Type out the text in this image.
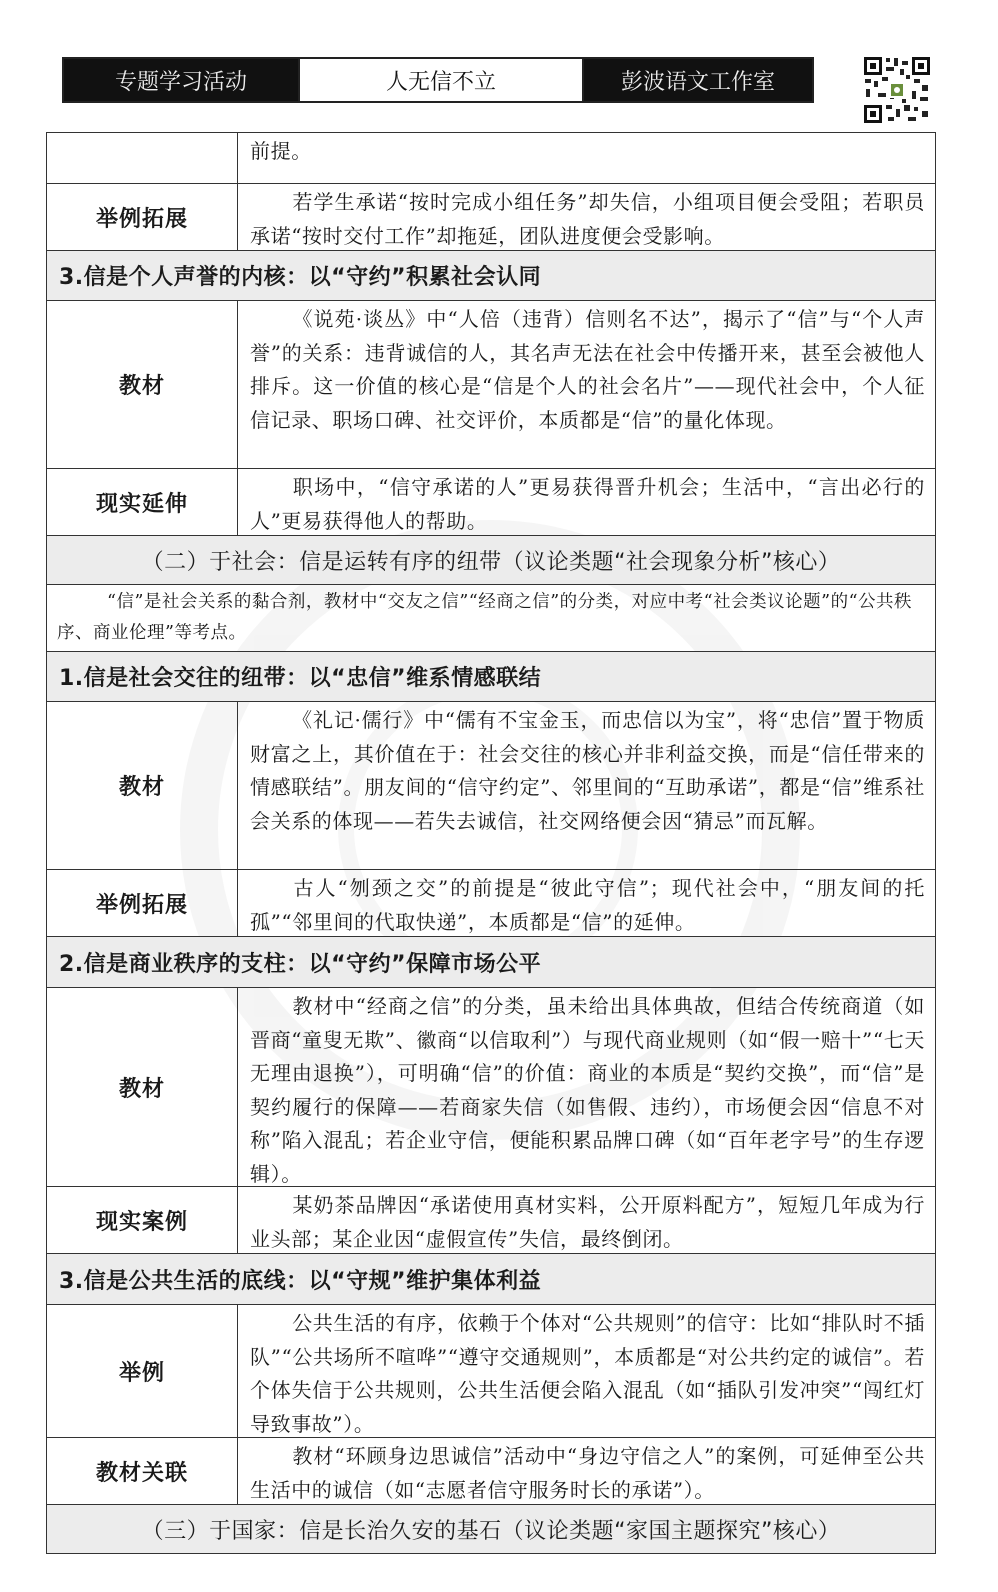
专题学习活动	人无信不立	彭波语文工作室
前提。
举例拓展
若学生承诺“按时完成小组任务”却失信，小组项目便会受阻；若职员承诺“按时交付工作”却拖延，团队进度便会受影响。
3.信是个人声誉的内核：以“守约”积累社会认同
教材
《说苑·谈丛》中“人倍（违背）信则名不达”，揭示了“信”与“个人声誉”的关系：违背诚信的人，其名声无法在社会中传播开来，甚至会被他人排斥。这一价值的核心是“信是个人的社会名片”——现代社会中，个人征信记录、职场口碑、社交评价，本质都是“信”的量化体现。
现实延伸
职场中，“信守承诺的人”更易获得晋升机会；生活中，“言出必行的人”更易获得他人的帮助。
（二）于社会：信是运转有序的纽带（议论类题“社会现象分析”核心）
“信”是社会关系的黏合剂，教材中“交友之信”“经商之信”的分类，对应中考“社会类议论题”的“公共秩序、商业伦理”等考点。
1.信是社会交往的纽带：以“忠信”维系情感联结
教材
《礼记·儒行》中“儒有不宝金玉，而忠信以为宝”，将“忠信”置于物质财富之上，其价值在于：社会交往的核心并非利益交换，而是“信任带来的情感联结”。朋友间的“信守约定”、邻里间的“互助承诺”，都是“信”维系社会关系的体现——若失去诚信，社交网络便会因“猜忌”而瓦解。
举例拓展
古人“刎颈之交”的前提是“彼此守信”；现代社会中，“朋友间的托孤”“邻里间的代取快递”，本质都是“信”的延伸。
2.信是商业秩序的支柱：以“守约”保障市场公平
教材
教材中“经商之信”的分类，虽未给出具体典故，但结合传统商道（如晋商“童叟无欺”、徽商“以信取利”）与现代商业规则（如“假一赔十”“七天无理由退换”），可明确“信”的价值：商业的本质是“契约交换”，而“信”是契约履行的保障——若商家失信（如售假、违约），市场便会因“信息不对称”陷入混乱；若企业守信，便能积累品牌口碑（如“百年老字号”的生存逻辑）。
现实案例
某奶茶品牌因“承诺使用真材实料，公开原料配方”，短短几年成为行业头部；某企业因“虚假宣传”失信，最终倒闭。
3.信是公共生活的底线：以“守规”维护集体利益
举例
公共生活的有序，依赖于个体对“公共规则”的信守：比如“排队时不插队”“公共场所不喧哗”“遵守交通规则”，本质都是“对公共约定的诚信”。若个体失信于公共规则，公共生活便会陷入混乱（如“插队引发冲突”“闯红灯导致事故”）。
教材关联
教材“环顾身边思诚信”活动中“身边守信之人”的案例，可延伸至公共生活中的诚信（如“志愿者信守服务时长的承诺”）。
（三）于国家：信是长治久安的基石（议论类题“家国主题探究”核心）
